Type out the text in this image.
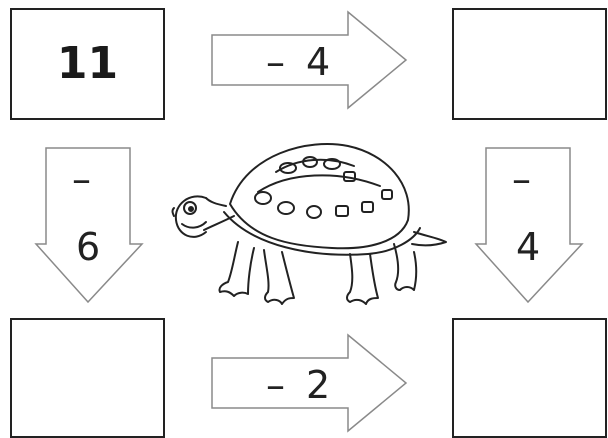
11	– 4
– 2
–
6
–
4
